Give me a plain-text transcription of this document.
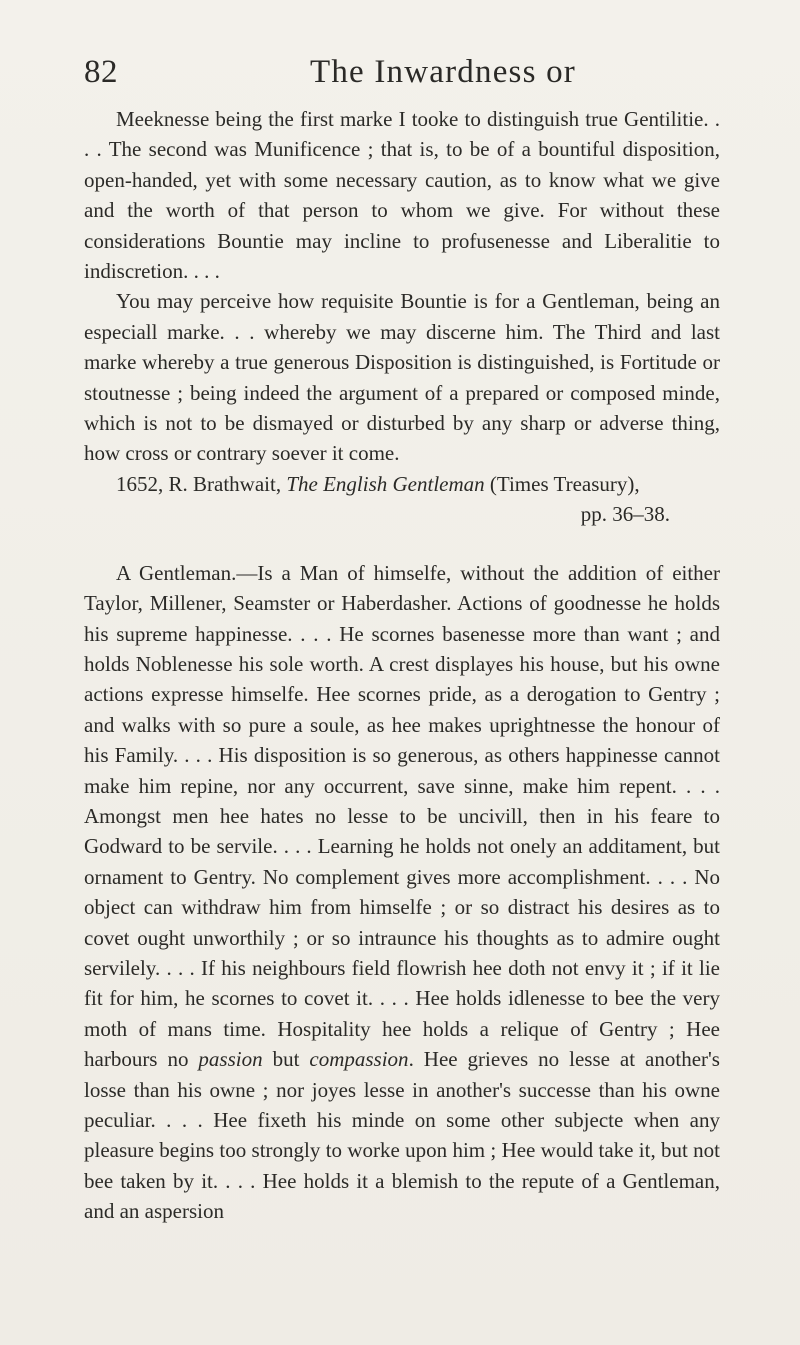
82	The Inwardness or

Meeknesse being the first marke I tooke to distinguish true Gentilitie. . . . The second was Munificence ; that is, to be of a bountiful disposition, open-handed, yet with some necessary caution, as to know what we give and the worth of that person to whom we give. For without these considerations Bountie may incline to profusenesse and Liberalitie to indiscretion. . . .

You may perceive how requisite Bountie is for a Gentleman, being an especiall marke. . . whereby we may discerne him. The Third and last marke whereby a true generous Disposition is distinguished, is Fortitude or stoutnesse ; being indeed the argument of a prepared or composed minde, which is not to be dismayed or disturbed by any sharp or adverse thing, how cross or contrary soever it come.

1652, R. Brathwait, The English Gentleman (Times Treasury),

pp. 36–38.

A Gentleman.—Is a Man of himselfe, without the addition of either Taylor, Millener, Seamster or Haberdasher. Actions of goodnesse he holds his supreme happinesse. . . . He scornes basenesse more than want ; and holds Noblenesse his sole worth. A crest displayes his house, but his owne actions expresse himselfe. Hee scornes pride, as a derogation to Gentry ; and walks with so pure a soule, as hee makes uprightnesse the honour of his Family. . . . His disposition is so generous, as others happinesse cannot make him repine, nor any occurrent, save sinne, make him repent. . . . Amongst men hee hates no lesse to be uncivill, then in his feare to Godward to be servile. . . . Learning he holds not onely an additament, but ornament to Gentry. No complement gives more accomplishment. . . . No object can withdraw him from himselfe ; or so distract his desires as to covet ought unworthily ; or so intraunce his thoughts as to admire ought servilely. . . . If his neighbours field flowrish hee doth not envy it ; if it lie fit for him, he scornes to covet it. . . . Hee holds idlenesse to bee the very moth of mans time. Hospitality hee holds a relique of Gentry ; Hee harbours no passion but compassion. Hee grieves no lesse at another's losse than his owne ; nor joyes lesse in another's successe than his owne peculiar. . . . Hee fixeth his minde on some other subjecte when any pleasure begins too strongly to worke upon him ; Hee would take it, but not bee taken by it. . . . Hee holds it a blemish to the repute of a Gentleman, and an aspersion
